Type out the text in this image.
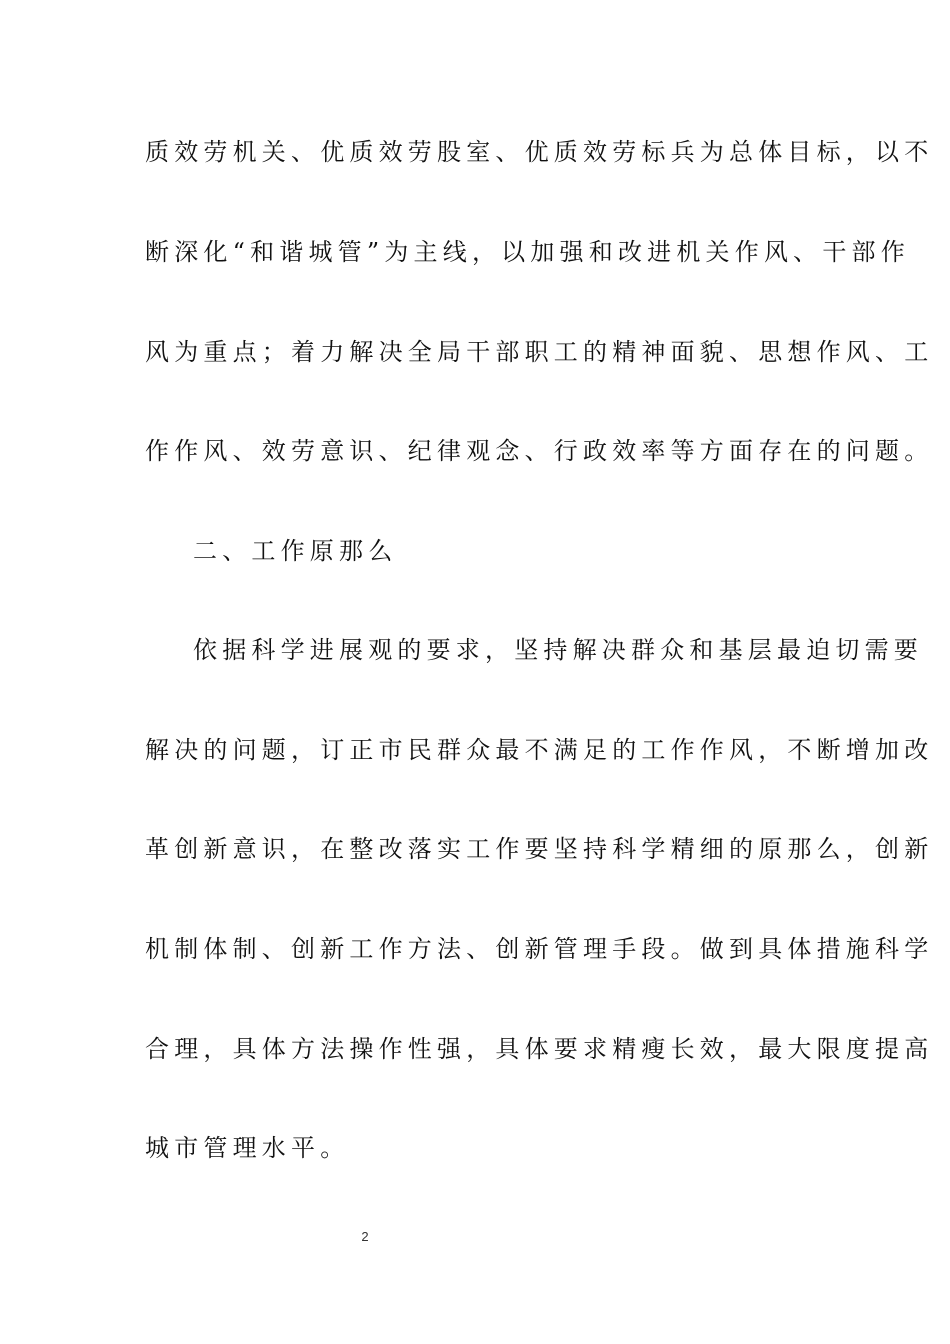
质效劳机关、优质效劳股室、优质效劳标兵为总体目标，以不
断深化“和谐城管”为主线，以加强和改进机关作风、干部作
风为重点；着力解决全局干部职工的精神面貌、思想作风、工
作作风、效劳意识、纪律观念、行政效率等方面存在的问题。
二、工作原那么
依据科学进展观的要求，坚持解决群众和基层最迫切需要
解决的问题，订正市民群众最不满足的工作作风，不断增加改
革创新意识，在整改落实工作要坚持科学精细的原那么，创新
机制体制、创新工作方法、创新管理手段。做到具体措施科学
合理，具体方法操作性强，具体要求精瘦长效，最大限度提高
城市管理水平。
2
